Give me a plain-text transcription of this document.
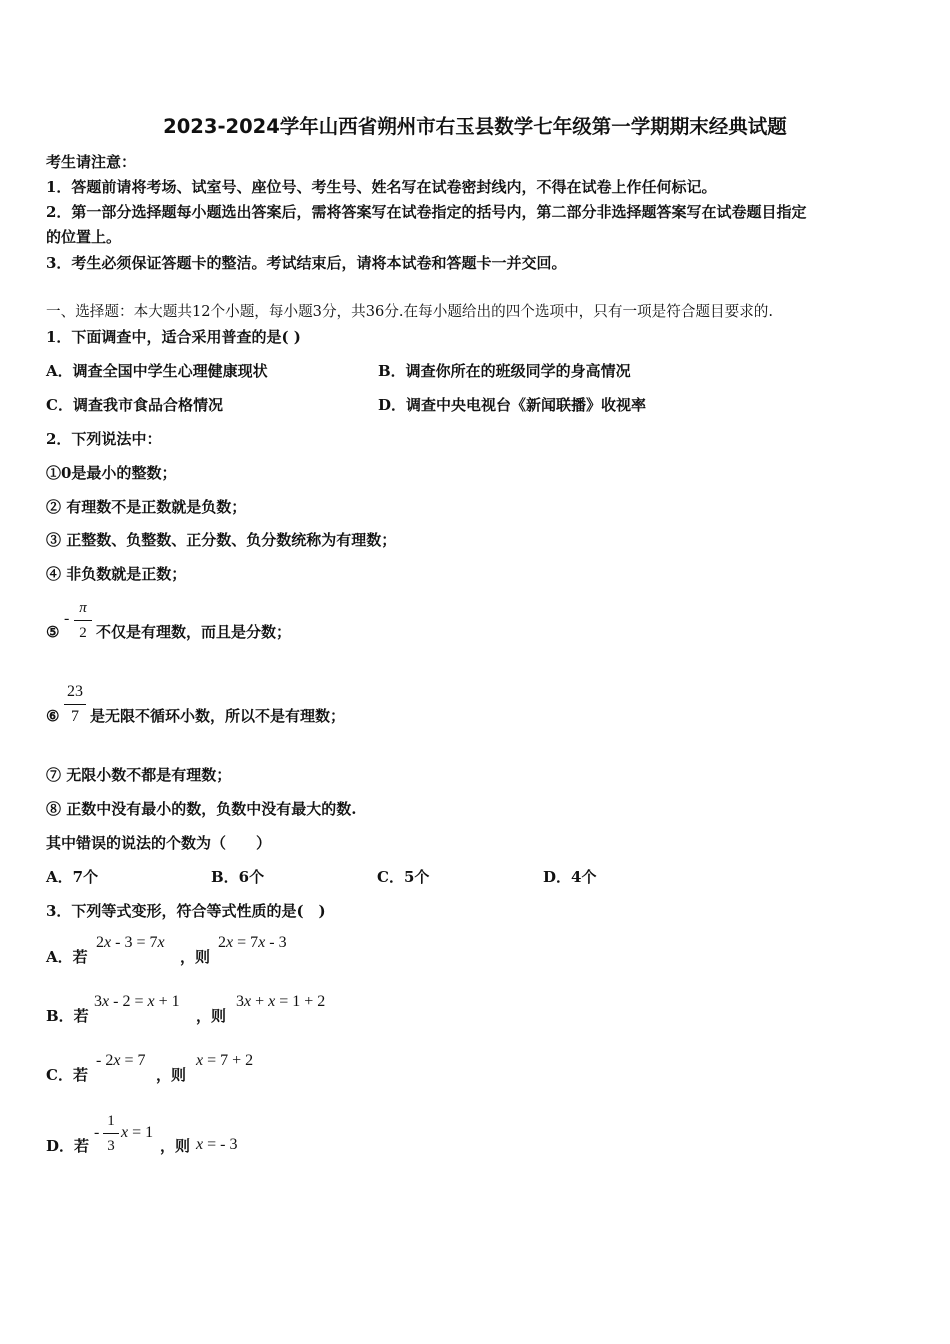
2023-2024学年山西省朔州市右玉县数学七年级第一学期期末经典试题
考生请注意：
1．答题前请将考场、试室号、座位号、考生号、姓名写在试卷密封线内，不得在试卷上作任何标记。
2．第一部分选择题每小题选出答案后，需将答案写在试卷指定的括号内，第二部分非选择题答案写在试卷题目指定
的位置上。
3．考生必须保证答题卡的整洁。考试结束后，请将本试卷和答题卡一并交回。
一、选择题：本大题共12个小题，每小题3分，共36分.在每小题给出的四个选项中，只有一项是符合题目要求的.
1．下面调查中，适合采用普查的是( )
A．调查全国中学生心理健康现状	B．调查你所在的班级同学的身高情况
C．调查我市食品合格情况	D．调查中央电视台《新闻联播》收视率
2．下列说法中：
①0是最小的整数；
② 有理数不是正数就是负数；
③ 正整数、负整数、正分数、负分数统称为有理数；
④ 非负数就是正数；
⑤
-
π
2 不仅是有理数，而且是分数；
⑥
23
7 是无限不循环小数，所以不是有理数；
⑦ 无限小数不都是有理数；
⑧ 正数中没有最小的数，负数中没有最大的数.
其中错误的说法的个数为（　　）
A．7个	B．6个	C．5个	D．4个
3．下列等式变形，符合等式性质的是(　)
A．若
2x - 3 = 7x
，则
2x = 7x - 3
B．若
3x - 2 = x + 1
，则
3x + x = 1 + 2
C．若
- 2x = 7
，则
x = 7 + 2
D．若
-
1
3
x = 1
，则 x = - 3
